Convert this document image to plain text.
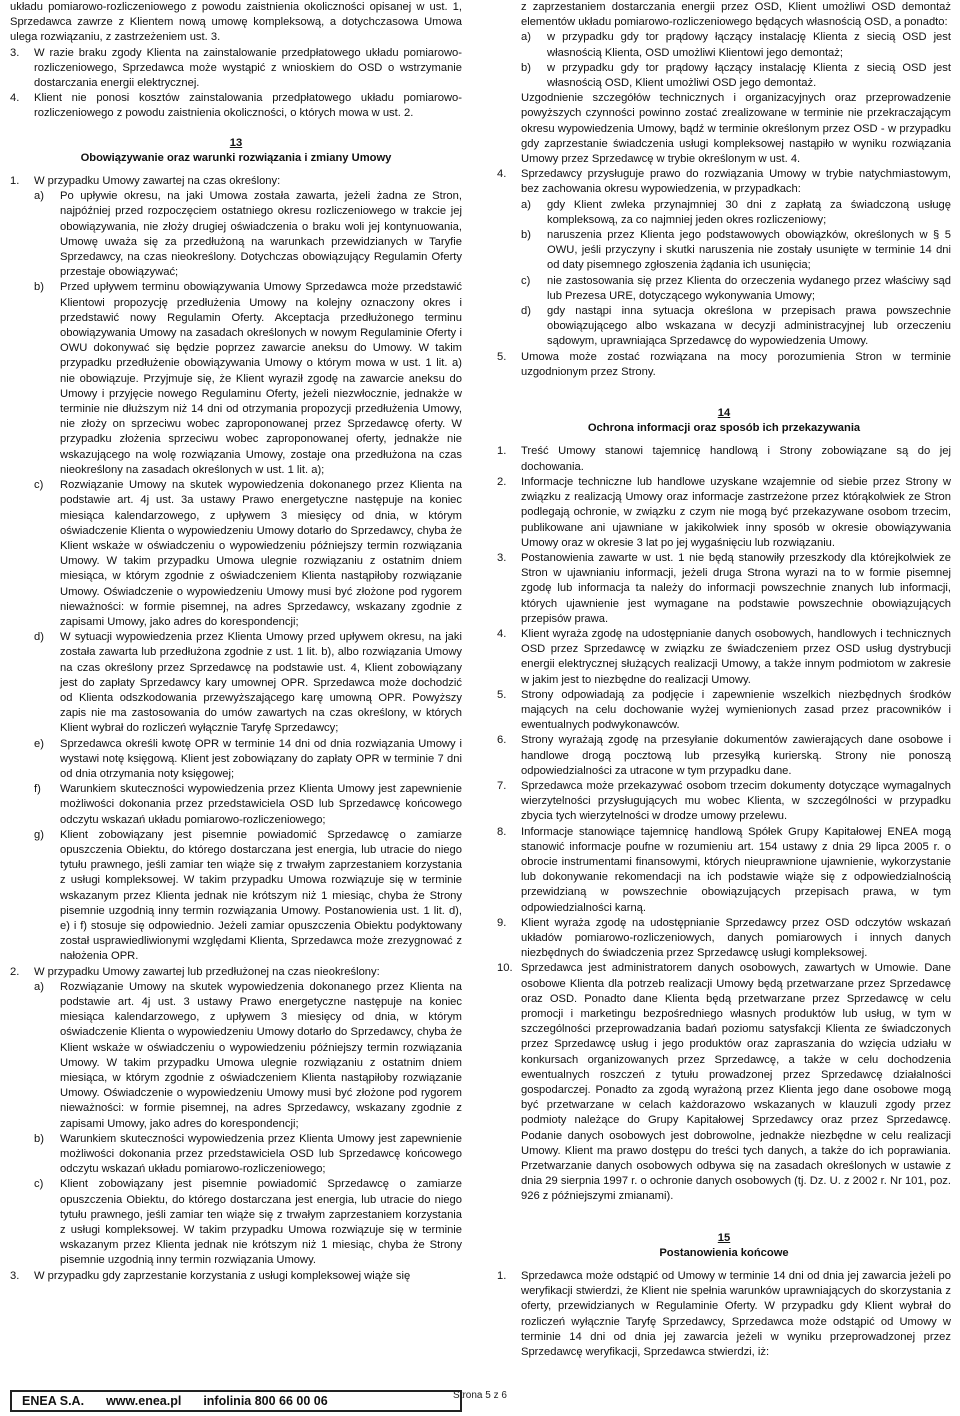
układu pomiarowo-rozliczeniowego z powodu zaistnienia okoliczności opisanej w ust. 1, Sprzedawca zawrze z Klientem nową umowę kompleksową, a dotychczasowa Umowa ulega rozwiązaniu, z zastrzeżeniem ust. 3.

3.	W razie braku zgody Klienta na zainstalowanie przedpłatowego układu pomiarowo-rozliczeniowego, Sprzedawca może wystąpić z wnioskiem do OSD o wstrzymanie dostarczania energii elektrycznej.
4.	Klient nie ponosi kosztów zainstalowania przedpłatowego układu pomiarowo-rozliczeniowego z powodu zaistnienia okoliczności, o których mowa w ust. 2.
13
Obowiązywanie oraz warunki rozwiązania i zmiany Umowy
1.	W przypadku Umowy zawartej na czas określony:
a)	Po upływie okresu, na jaki Umowa została zawarta, jeżeli żadna ze Stron, najpóźniej przed rozpoczęciem ostatniego okresu rozliczeniowego w trakcie jej obowiązywania, nie złoży drugiej oświadczenia o braku woli jej kontynuowania, Umowę uważa się za przedłużoną na warunkach przewidzianych w Taryfie Sprzedawcy, na czas nieokreślony. Dotychczas obowiązujący Regulamin Oferty przestaje obowiązywać;
b)	Przed upływem terminu obowiązywania Umowy Sprzedawca może przedstawić Klientowi propozycję przedłużenia Umowy na kolejny oznaczony okres i przedstawić nowy Regulamin Oferty. Akceptacja przedłużonego terminu obowiązywania Umowy na zasadach określonych w nowym Regulaminie Oferty i OWU dokonywać się będzie poprzez zawarcie aneksu do Umowy. W takim przypadku przedłużenie obowiązywania Umowy o którym mowa w ust. 1 lit. a) nie obowiązuje. Przyjmuje się, że Klient wyraził zgodę na zawarcie aneksu do Umowy i przyjęcie nowego Regulaminu Oferty, jeżeli niezwłocznie, jednakże w terminie nie dłuższym niż 14 dni od otrzymania propozycji przedłużenia Umowy, nie złoży on sprzeciwu wobec zaproponowanej przez Sprzedawcę oferty. W przypadku złożenia sprzeciwu wobec zaproponowanej oferty, jednakże nie wskazującego na wolę rozwiązania Umowy, zostaje ona przedłużona na czas nieokreślony na zasadach określonych w ust. 1 lit. a);
c)	Rozwiązanie Umowy na skutek wypowiedzenia dokonanego przez Klienta na podstawie art. 4j ust. 3a ustawy Prawo energetyczne następuje na koniec miesiąca kalendarzowego, z upływem 3 miesięcy od dnia, w którym oświadczenie Klienta o wypowiedzeniu Umowy dotarło do Sprzedawcy, chyba że Klient wskaże w oświadczeniu o wypowiedzeniu późniejszy termin rozwiązania Umowy. W takim przypadku Umowa ulegnie rozwiązaniu z ostatnim dniem miesiąca, w którym zgodnie z oświadczeniem Klienta nastąpiłoby rozwiązanie Umowy. Oświadczenie o wypowiedzeniu Umowy musi być złożone pod rygorem nieważności: w formie pisemnej, na adres Sprzedawcy, wskazany zgodnie z zapisami Umowy, jako adres do korespondencji;
d)	W sytuacji wypowiedzenia przez Klienta Umowy przed upływem okresu, na jaki została zawarta lub przedłużona zgodnie z ust. 1 lit. b), albo rozwiązania Umowy na czas określony przez Sprzedawcę na podstawie ust. 4, Klient zobowiązany jest do zapłaty Sprzedawcy kary umownej OPR. Sprzedawca może dochodzić od Klienta odszkodowania przewyższającego karę umowną OPR. Powyższy zapis nie ma zastosowania do umów zawartych na czas określony, w których Klient wybrał do rozliczeń wyłącznie Taryfę Sprzedawcy;
e)	Sprzedawca określi kwotę OPR w terminie 14 dni od dnia rozwiązania Umowy i wystawi notę księgową. Klient jest zobowiązany do zapłaty OPR w terminie 7 dni od dnia otrzymania noty księgowej;
f)	Warunkiem skuteczności wypowiedzenia przez Klienta Umowy jest zapewnienie możliwości dokonania przez przedstawiciela OSD lub Sprzedawcę końcowego odczytu wskazań układu pomiarowo-rozliczeniowego;
g)	Klient zobowiązany jest pisemnie powiadomić Sprzedawcę o zamiarze opuszczenia Obiektu, do którego dostarczana jest energia, lub utracie do niego tytułu prawnego, jeśli zamiar ten wiąże się z trwałym zaprzestaniem korzystania z usługi kompleksowej. W takim przypadku Umowa rozwiązuje się w terminie wskazanym przez Klienta jednak nie krótszym niż 1 miesiąc, chyba że Strony pisemnie uzgodnią inny termin rozwiązania Umowy. Postanowienia ust. 1 lit. d), e) i f) stosuje się odpowiednio. Jeżeli zamiar opuszczenia Obiektu podyktowany został usprawiedliwionymi względami Klienta, Sprzedawca może zrezygnować z nałożenia OPR.
2.	W przypadku Umowy zawartej lub przedłużonej na czas nieokreślony:
a)	Rozwiązanie Umowy na skutek wypowiedzenia dokonanego przez Klienta na podstawie art. 4j ust. 3 ustawy Prawo energetyczne następuje na koniec miesiąca kalendarzowego, z upływem 3 miesięcy od dnia, w którym oświadczenie Klienta o wypowiedzeniu Umowy dotarło do Sprzedawcy, chyba że Klient wskaże w oświadczeniu o wypowiedzeniu późniejszy termin rozwiązania Umowy. W takim przypadku Umowa ulegnie rozwiązaniu z ostatnim dniem miesiąca, w którym zgodnie z oświadczeniem Klienta nastąpiłoby rozwiązanie Umowy. Oświadczenie o wypowiedzeniu Umowy musi być złożone pod rygorem nieważności: w formie pisemnej, na adres Sprzedawcy, wskazany zgodnie z zapisami Umowy, jako adres do korespondencji;
b)	Warunkiem skuteczności wypowiedzenia przez Klienta Umowy jest zapewnienie możliwości dokonania przez przedstawiciela OSD lub Sprzedawcę końcowego odczytu wskazań układu pomiarowo-rozliczeniowego;
c)	Klient zobowiązany jest pisemnie powiadomić Sprzedawcę o zamiarze opuszczenia Obiektu, do którego dostarczana jest energia, lub utracie do niego tytułu prawnego, jeśli zamiar ten wiąże się z trwałym zaprzestaniem korzystania z usługi kompleksowej. W takim przypadku Umowa rozwiązuje się w terminie wskazanym przez Klienta jednak nie krótszym niż 1 miesiąc, chyba że Strony pisemnie uzgodnią inny termin rozwiązania Umowy.
3.	W przypadku gdy zaprzestanie korzystania z usługi kompleksowej wiąże się
z zaprzestaniem dostarczania energii przez OSD, Klient umożliwi OSD demontaż elementów układu pomiarowo-rozliczeniowego będących własnością OSD, a ponadto:
a)	w przypadku gdy tor prądowy łączący instalację Klienta z siecią OSD jest własnością Klienta, OSD umożliwi Klientowi jego demontaż;
b)	w przypadku gdy tor prądowy łączący instalację Klienta z siecią OSD jest własnością OSD, Klient umożliwi OSD jego demontaż.
Uzgodnienie szczegółów technicznych i organizacyjnych oraz przeprowadzenie powyższych czynności powinno zostać zrealizowane w terminie nie przekraczającym okresu wypowiedzenia Umowy, bądź w terminie określonym przez OSD - w przypadku gdy zaprzestanie świadczenia usługi kompleksowej nastąpiło w wyniku rozwiązania Umowy przez Sprzedawcę w trybie określonym w ust. 4.
4.	Sprzedawcy przysługuje prawo do rozwiązania Umowy w trybie natychmiastowym, bez zachowania okresu wypowiedzenia, w przypadkach:
a)	gdy Klient zwleka przynajmniej 30 dni z zapłatą za świadczoną usługę kompleksową, za co najmniej jeden okres rozliczeniowy;
b)	naruszenia przez Klienta jego podstawowych obowiązków, określonych w § 5 OWU, jeśli przyczyny i skutki naruszenia nie zostały usunięte w terminie 14 dni od daty pisemnego zgłoszenia żądania ich usunięcia;
c)	nie zastosowania się przez Klienta do orzeczenia wydanego przez właściwy sąd lub Prezesa URE, dotyczącego wykonywania Umowy;
d)	gdy nastąpi inna sytuacja określona w przepisach prawa powszechnie obowiązującego albo wskazana w decyzji administracyjnej lub orzeczeniu sądowym, uprawniająca Sprzedawcę do wypowiedzenia Umowy.
5.	Umowa może zostać rozwiązana na mocy porozumienia Stron w terminie uzgodnionym przez Strony.
14
Ochrona informacji oraz sposób ich przekazywania
1.	Treść Umowy stanowi tajemnicę handlową i Strony zobowiązane są do jej dochowania.
2.	Informacje techniczne lub handlowe uzyskane wzajemnie od siebie przez Strony w związku z realizacją Umowy oraz informacje zastrzeżone przez którąkolwiek ze Stron podlegają ochronie, w związku z czym nie mogą być przekazywane osobom trzecim, publikowane ani ujawniane w jakikolwiek inny sposób w okresie obowiązywania Umowy oraz w okresie 3 lat po jej wygaśnięciu lub rozwiązaniu.
3.	Postanowienia zawarte w ust. 1 nie będą stanowiły przeszkody dla którejkolwiek ze Stron w ujawnianiu informacji, jeżeli druga Strona wyrazi na to w formie pisemnej zgodę lub informacja ta należy do informacji powszechnie znanych lub informacji, których ujawnienie jest wymagane na podstawie powszechnie obowiązujących przepisów prawa.
4.	Klient wyraża zgodę na udostępnianie danych osobowych, handlowych i technicznych OSD przez Sprzedawcę w związku ze świadczeniem przez OSD usług dystrybucji energii elektrycznej służących realizacji Umowy, a także innym podmiotom w zakresie w jakim jest to niezbędne do realizacji Umowy.
5.	Strony odpowiadają za podjęcie i zapewnienie wszelkich niezbędnych środków mających na celu dochowanie wyżej wymienionych zasad przez pracowników i ewentualnych podwykonawców.
6.	Strony wyrażają zgodę na przesyłanie dokumentów zawierających dane osobowe i handlowe drogą pocztową lub przesyłką kurierską. Strony nie ponoszą odpowiedzialności za utracone w tym przypadku dane.
7.	Sprzedawca może przekazywać osobom trzecim dokumenty dotyczące wymagalnych wierzytelności przysługujących mu wobec Klienta, w szczególności w przypadku zbycia tych wierzytelności w drodze umowy przelewu.
8.	Informacje stanowiące tajemnicę handlową Spółek Grupy Kapitałowej ENEA mogą stanowić informacje poufne w rozumieniu art. 154 ustawy z dnia 29 lipca 2005 r. o obrocie instrumentami finansowymi, których nieuprawnione ujawnienie, wykorzystanie lub dokonywanie rekomendacji na ich podstawie wiąże się z odpowiedzialnością przewidzianą w powszechnie obowiązujących przepisach prawa, w tym odpowiedzialności karną.
9.	Klient wyraża zgodę na udostępnianie Sprzedawcy przez OSD odczytów wskazań układów pomiarowo-rozliczeniowych, danych pomiarowych i innych danych niezbędnych do świadczenia przez Sprzedawcę usługi kompleksowej.
10. Sprzedawca jest administratorem danych osobowych, zawartych w Umowie. Dane osobowe Klienta dla potrzeb realizacji Umowy będą przetwarzane przez Sprzedawcę oraz OSD. Ponadto dane Klienta będą przetwarzane przez Sprzedawcę w celu promocji i marketingu bezpośredniego własnych produktów lub usług, w tym w szczególności przeprowadzania badań poziomu satysfakcji Klienta ze świadczonych przez Sprzedawcę usług i jego produktów oraz zapraszania do wzięcia udziału w konkursach organizowanych przez Sprzedawcę, a także w celu dochodzenia ewentualnych roszczeń z tytułu prowadzonej przez Sprzedawcę działalności gospodarczej. Ponadto za zgodą wyrażoną przez Klienta jego dane osobowe mogą być przetwarzane w celach każdorazowo wskazanych w klauzuli zgody przez podmioty należące do Grupy Kapitałowej Sprzedawcy oraz przez Sprzedawcę. Podanie danych osobowych jest dobrowolne, jednakże niezbędne w celu realizacji Umowy. Klient ma prawo dostępu do treści tych danych, a także do ich poprawiania. Przetwarzanie danych osobowych odbywa się na zasadach określonych w ustawie z dnia 29 sierpnia 1997 r. o ochronie danych osobowych (tj. Dz. U. z 2002 r. Nr 101, poz. 926 z późniejszymi zmianami).
15
Postanowienia końcowe
1.	Sprzedawca może odstąpić od Umowy w terminie 14 dni od dnia jej zawarcia jeżeli po weryfikacji stwierdzi, że Klient nie spełnia warunków uprawniających do skorzystania z oferty, przewidzianych w Regulaminie Oferty. W przypadku gdy Klient wybrał do rozliczeń wyłącznie Taryfę Sprzedawcy, Sprzedawca może odstąpić od Umowy w terminie 14 dni od dnia jej zawarcia jeżeli w wyniku przeprowadzonej przez Sprzedawcę weryfikacji, Sprzedawca stwierdzi, iż:
ENEA S.A. www.enea.pl infolinia 800 66 00 06	Strona 5 z 6
